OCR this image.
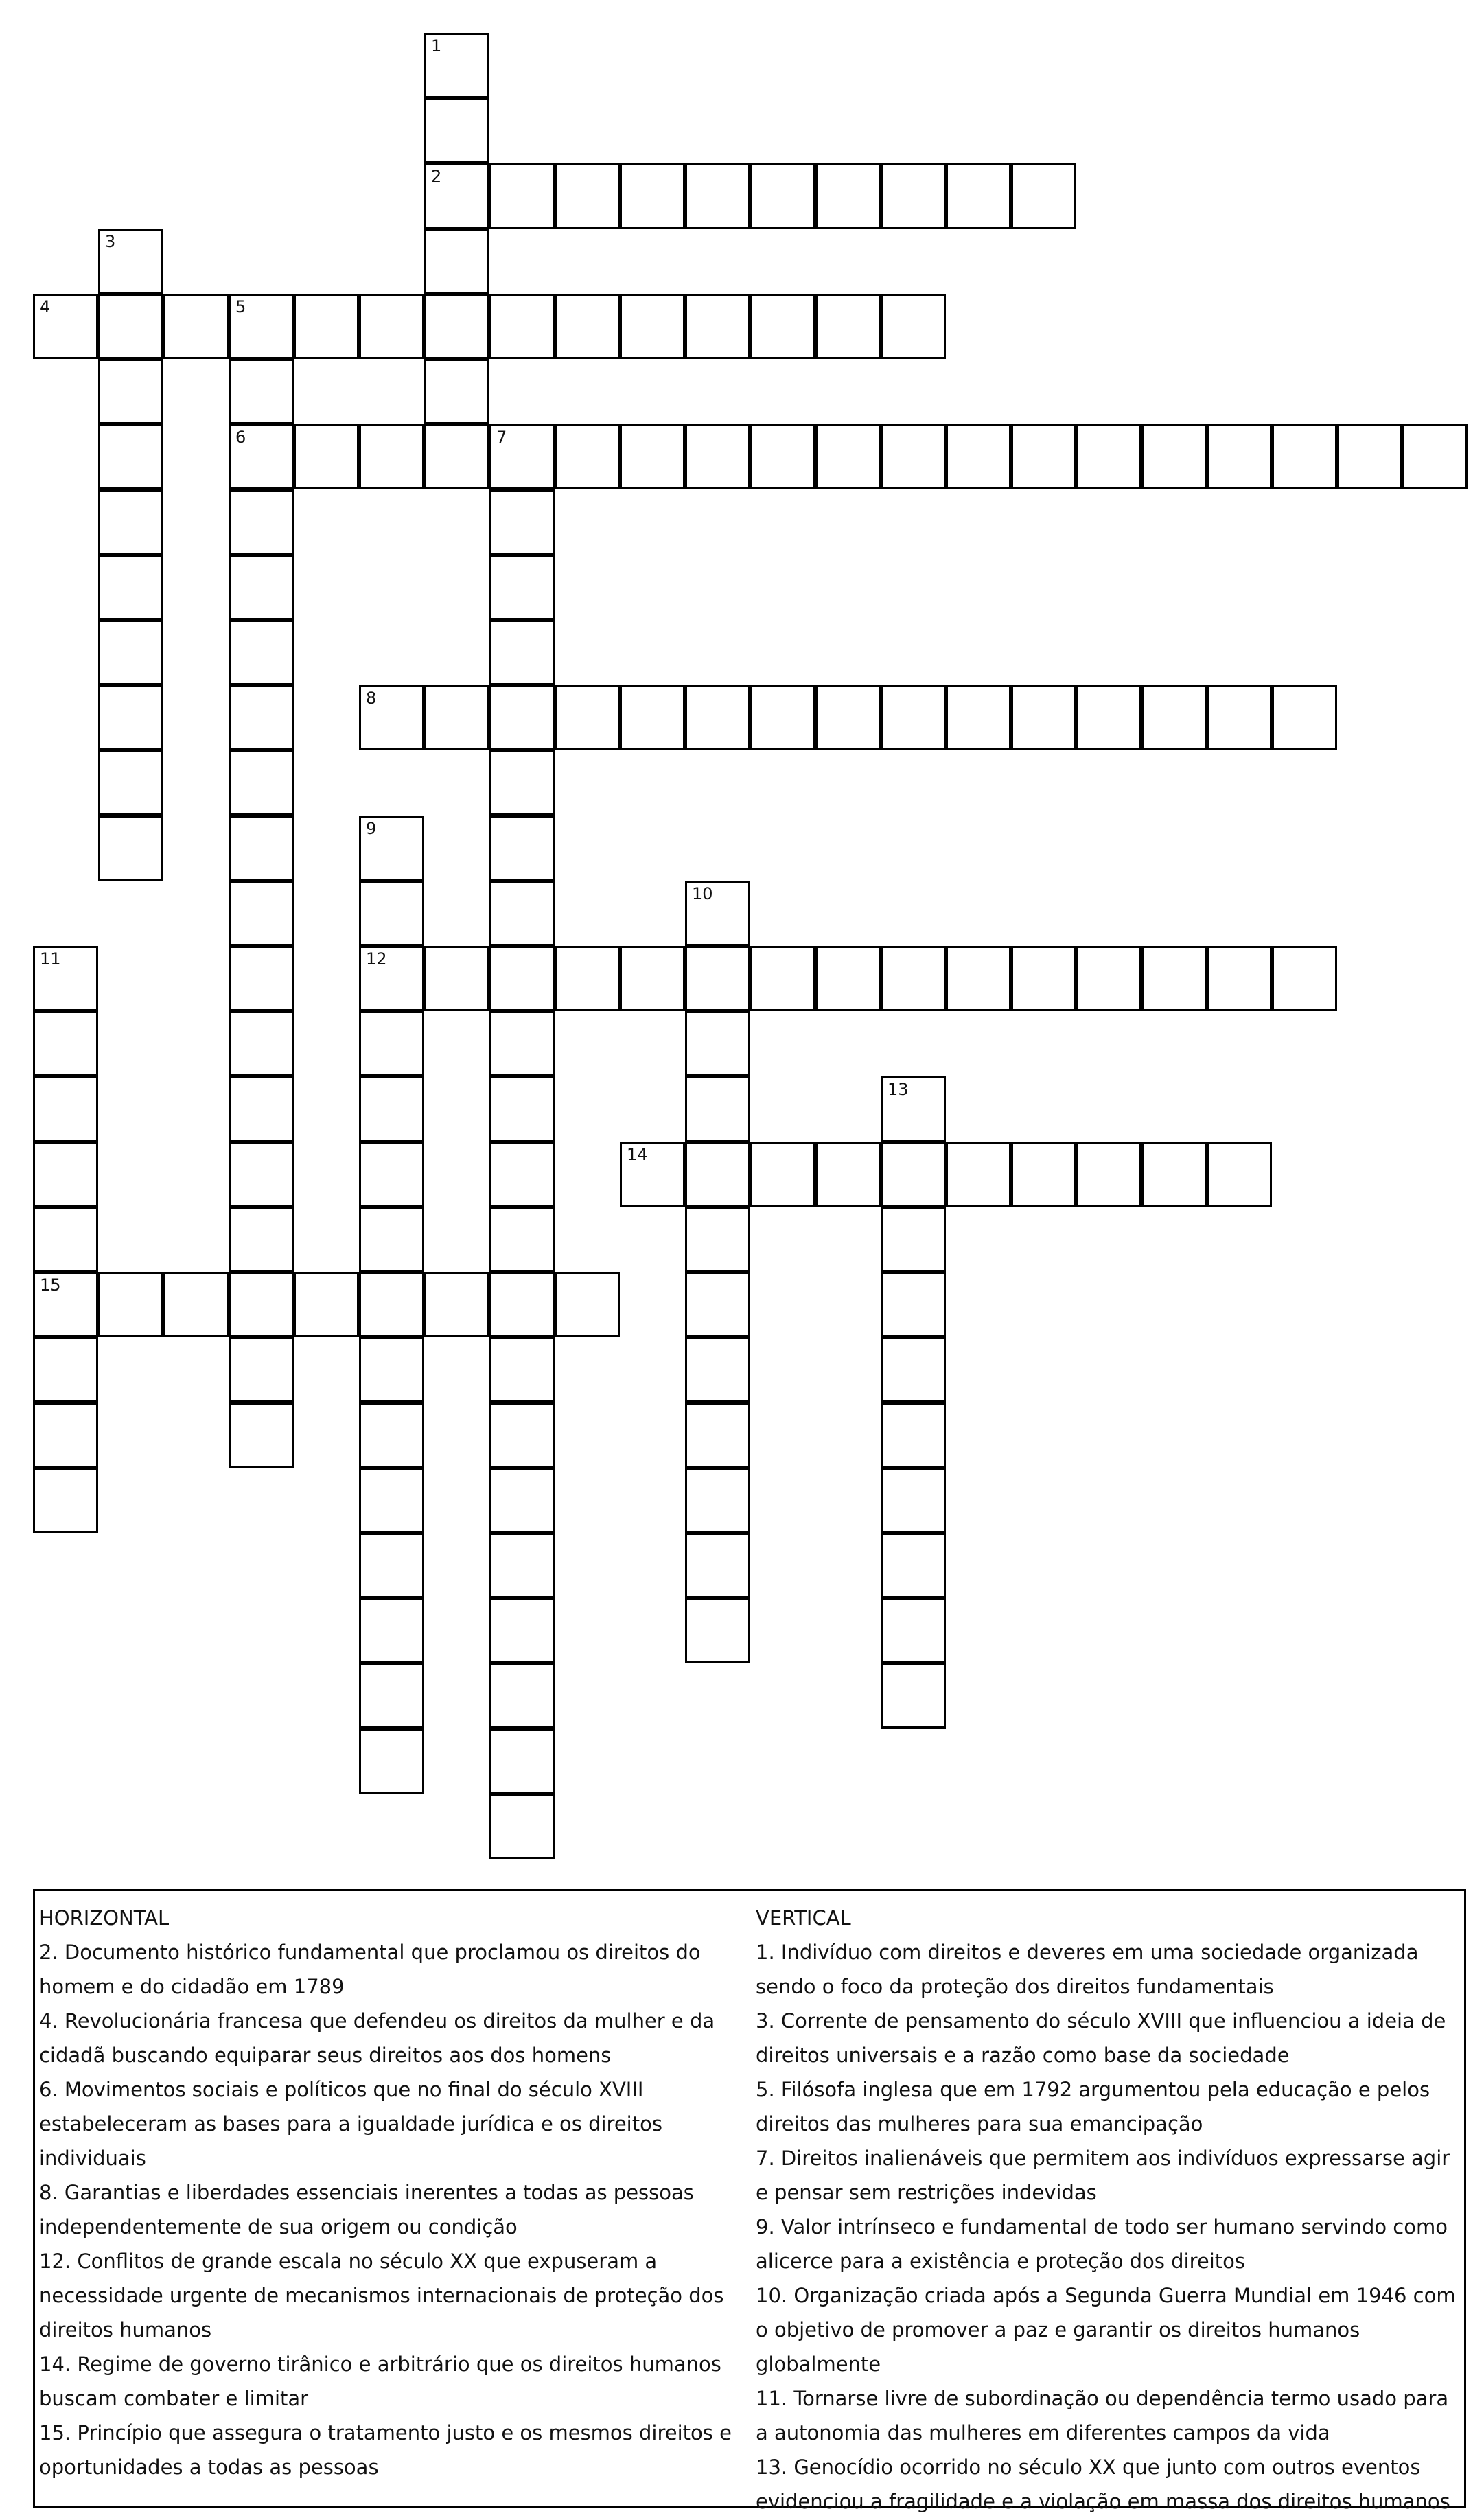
1
2
3
4	5
6	7
8
9
12
10
11
15
13
14
HORIZONTAL
2. Documento histórico fundamental que proclamou os direitos do homem e do cidadão em 1789
4. Revolucionária francesa que defendeu os direitos da mulher e da cidadã buscando equiparar seus direitos aos dos homens
6. Movimentos sociais e políticos que no final do século XVIII estabeleceram as bases para a igualdade jurídica e os direitos individuais
8. Garantias e liberdades essenciais inerentes a todas as pessoas independentemente de sua origem ou condição
12. Conflitos de grande escala no século XX que expuseram a necessidade urgente de mecanismos internacionais de proteção dos direitos humanos
14. Regime de governo tirânico e arbitrário que os direitos humanos buscam combater e limitar
15. Princípio que assegura o tratamento justo e os mesmos direitos e oportunidades a todas as pessoas
VERTICAL
1. Indivíduo com direitos e deveres em uma sociedade organizada sendo o foco da proteção dos direitos fundamentais
3. Corrente de pensamento do século XVIII que influenciou a ideia de direitos universais e a razão como base da sociedade
5. Filósofa inglesa que em 1792 argumentou pela educação e pelos direitos das mulheres para sua emancipação
7. Direitos inalienáveis que permitem aos indivíduos expressarse agir e pensar sem restrições indevidas
9. Valor intrínseco e fundamental de todo ser humano servindo como alicerce para a existência e proteção dos direitos
10. Organização criada após a Segunda Guerra Mundial em 1946 com o objetivo de promover a paz e garantir os direitos humanos globalmente
11. Tornarse livre de subordinação ou dependência termo usado para a autonomia das mulheres em diferentes campos da vida
13. Genocídio ocorrido no século XX que junto com outros eventos evidenciou a fragilidade e a violação em massa dos direitos humanos
